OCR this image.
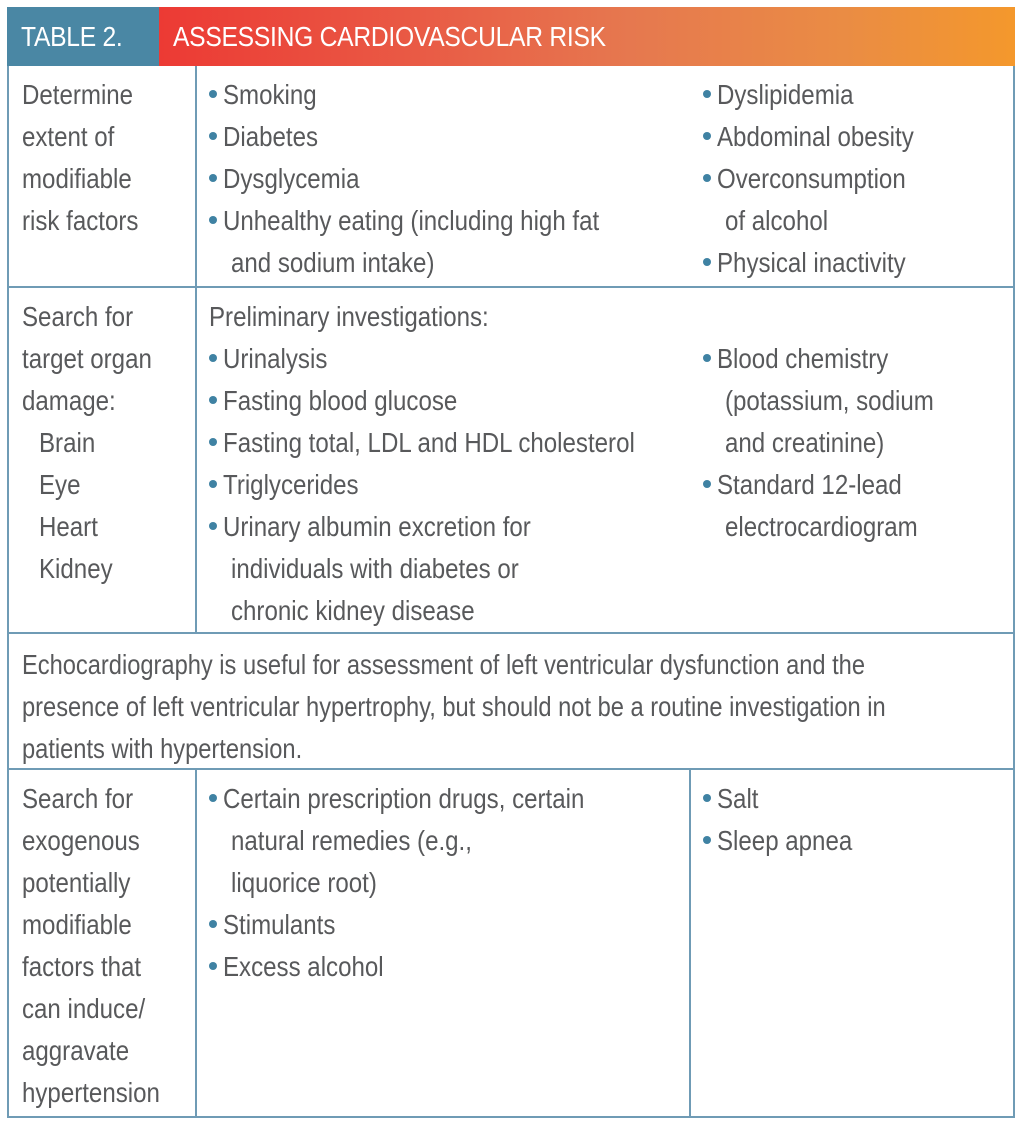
TABLE 2. ASSESSING CARDIOVASCULAR RISK
Determine
extent of
modifiable
risk factors
Smoking
Diabetes
Dysglycemia
Unhealthy eating (including high fat
and sodium intake)
Dyslipidemia
Abdominal obesity
Overconsumption
of alcohol
Physical inactivity
Search for
target organ
damage:
Brain
Eye
Heart
Kidney
Preliminary investigations:
Urinalysis
Fasting blood glucose
Fasting total, LDL and HDL cholesterol
Triglycerides
Urinary albumin excretion for
individuals with diabetes or
chronic kidney disease
Blood chemistry
(potassium, sodium
and creatinine)
Standard 12-lead
electrocardiogram
Echocardiography is useful for assessment of left ventricular dysfunction and the
presence of left ventricular hypertrophy, but should not be a routine investigation in
patients with hypertension.
Search for
exogenous
potentially
modifiable
factors that
can induce/
aggravate
hypertension
Certain prescription drugs, certain
natural remedies (e.g.,
liquorice root)
Stimulants
Excess alcohol
Salt
Sleep apnea
